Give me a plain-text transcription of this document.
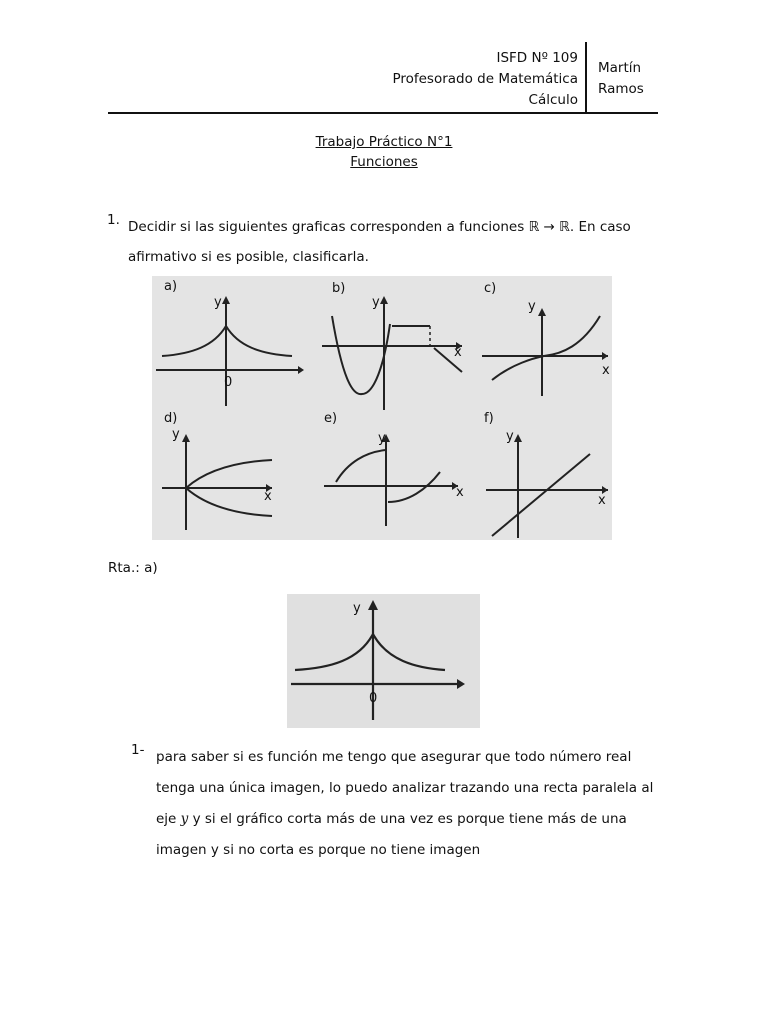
ISFD Nº 109
Profesorado de Matemática
Cálculo
Martín
Ramos
Trabajo Práctico N°1
Funciones
1. Decidir si las siguientes graficas corresponden a funciones ℝ → ℝ. En caso afirmativo si es posible, clasificarla.
a)
y
0
b)
y
x
c)
y
x
d)
y
x
e)
y
x
f)
y
x
Rta.: a)
y
0
1- para saber si es función me tengo que asegurar que todo número real tenga una única imagen, lo puedo analizar trazando una recta paralela al eje y y si el gráfico corta más de una vez es porque tiene más de una imagen y si no corta es porque no tiene imagen
